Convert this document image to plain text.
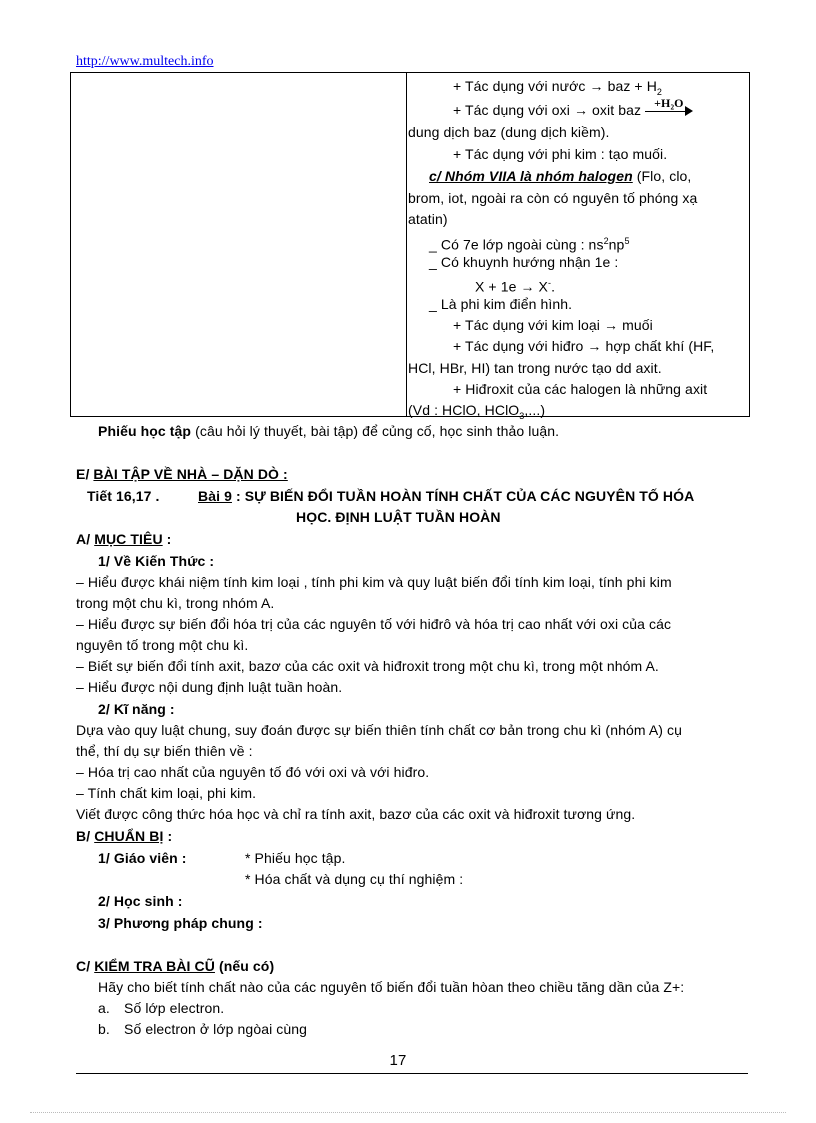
http://www.multech.info
+ Tác dụng với nước → baz + $H_2$
+ Tác dụng với oxi → oxit baz +H₂O
dung dịch baz (dung dịch kiềm).
+ Tác dụng với phi kim : tạo muối.
c/ Nhóm VIIA là nhóm halogen (Flo, clo,
brom, iot, ngoài ra còn có nguyên tố phóng xạ
atatin)
_ Có 7e lớp ngoài cùng : $ns^2np^5$
_ Có khuynh hướng nhận 1e :
X + 1e → X-.
_ Là phi kim điển hình.
+ Tác dụng với kim loại → muối
+ Tác dụng với hiđro → hợp chất khí (HF,
HCl, HBr, HI) tan trong nước tạo dd axit.
+ Hiđroxit của các halogen là những axit
(Vd : HClO, HClO$_3$,...)
Phiếu học tập (câu hỏi lý thuyết, bài tập) để củng cố, học sinh thảo luận.
E/ BÀI TẬP VỀ NHÀ – DẶN DÒ :
Tiết 16,17 .	Bài 9 : SỰ BIẾN ĐỔI TUẦN HOÀN TÍNH CHẤT CỦA CÁC NGUYÊN TỐ HÓA
HỌC. ĐỊNH LUẬT TUẦN HOÀN
A/ MỤC TIÊU :
1/ Về Kiến Thức :
– Hiểu được khái niệm tính kim loại , tính phi kim và quy luật biến đổi tính kim loại, tính phi kim
trong một chu kì, trong nhóm A.
– Hiểu được sự biến đổi hóa trị của các nguyên tố với hiđrô và hóa trị cao nhất với oxi của các
nguyên tố trong một chu kì.
– Biết sự biến đổi tính axit, bazơ của các oxit và hiđroxit trong một chu kì, trong một nhóm A.
– Hiểu được nội dung định luật tuần hoàn.
2/ Kĩ năng :
Dựa vào quy luật chung, suy đoán được sự biến thiên tính chất cơ bản trong chu kì (nhóm A) cụ
thể, thí dụ sự biến thiên về :
– Hóa trị cao nhất của nguyên tố đó với oxi và với hiđro.
– Tính chất kim loại, phi kim.
Viết được công thức hóa học và chỉ ra tính axit, bazơ của các oxit và hiđroxit tương ứng.
B/ CHUẨN BỊ :
1/ Giáo viên :	* Phiếu học tập.
* Hóa chất và dụng cụ thí nghiệm :
2/ Học sinh :
3/ Phương pháp chung :
C/ KIỂM TRA BÀI CŨ (nếu có)
Hãy cho biết tính chất nào của các nguyên tố biến đổi tuần hòan theo chiều tăng dần của Z+:
a. Số lớp electron.
b. Số electron ở lớp ngòai cùng
17
